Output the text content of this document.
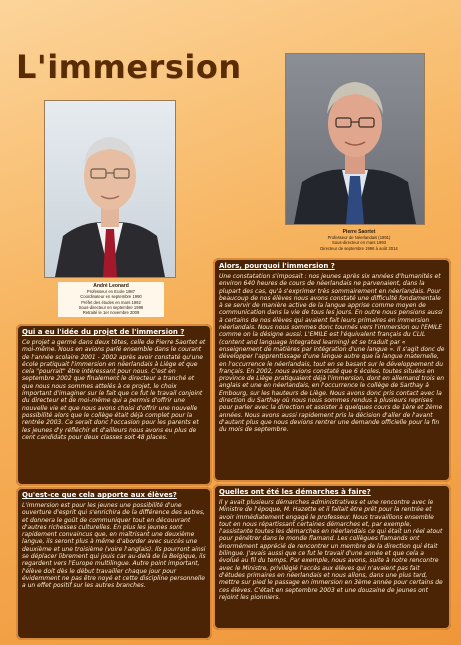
L'immersion
André Leonard
Professeur en Ecole 1987
Coordinateur en septembre 1990
Préfet des études en mars 1992
Sous-directeur en septembre 1996
Retraité le 1er novembre 2009
Pierre Saortet
Professeur de Néerlandais (1991)
Sous-directeur en mars 1993
Directeur de septembre 1996 à août 2014
Qui a eu l'idée du projet de l'immersion ?

Ce projet a germé dans deux têtes, celle de Pierre Saortet et moi-même. Nous en avions parlé ensemble dans le courant de l'année scolaire 2001 - 2002 après avoir constaté qu'une école pratiquait l'immersion en néerlandais à Liège et que cela "pourrait" être intéressant pour nous. C'est en septembre 2002 que finalement le directeur a tranché et que nous nous sommes attelés à ce projet, le choix important d'imaginer sur le fait que ce fut le travail conjoint du directeur et de moi-même qui a permis d'offrir une nouvelle vie et que nous avons choisi d'offrir une nouvelle possibilité alors que le collège était déjà complet pour la rentrée 2003. Ce serait donc l'occasion pour les parents et les jeunes d'y réfléchir et d'ailleurs nous avons eu plus de cent candidats pour deux classes soit 48 places.

Qu'est-ce que cela apporte aux élèves?

L'immersion est pour les jeunes une possibilité d'une ouverture d'esprit qui s'enrichira de la différence des autres, et donnera le goût de communiquer tout en découvrant d'autres richesses culturelles. En plus les jeunes sont rapidement convaincus que, en maîtrisant une deuxième langue, ils seront plus à même d'aborder avec succès une deuxième et une troisième (voire l'anglais). Ils pourront ainsi se déplacer librement qui jouis car au-delà de la Belgique, ils regardent vers l'Europe multilingue. Autre point important, l'élève doit dès le début travailler chaque jour pour évidemment ne pas être noyé et cette discipline personnelle a un effet positif sur les autres branches.

Alors, pourquoi l'immersion ?

Une constatation s'imposait : nos jeunes après six années d'humanités et environ 640 heures de cours de néerlandais ne parvenaient, dans la plupart des cas, qu'à s'exprimer très sommairement en néerlandais. Pour beaucoup de nos élèves nous avons constaté une difficulté fondamentale à se servir de manière active de la langue apprise comme moyen de communication dans la vie de tous les jours. En outre nous pensions aussi à certains de nos élèves qui avaient fait leurs primaires en immersion néerlandais. Nous nous sommes donc tournés vers l'immersion ou l'EMILE comme on la désigne aussi. L'EMILE est l'équivalent français du CLIL (content and language integrated learning) et se traduit par « enseignement de matières par intégration d'une langue ». Il s'agit donc de développer l'apprentissage d'une langue autre que la langue maternelle, en l'occurrence le néerlandais, tout en se basant sur le développement du français. En 2002, nous avions constaté que 6 écoles, toutes situées en province de Liège pratiquaient déjà l'immersion, dont en allemand trois en anglais et une en néerlandais, en l'occurrence le collège de Sarthay à Embourg, sur les hauteurs de Liège. Nous avons donc pris contact avec la direction du Sarthay où nous nous sommes rendus à plusieurs reprises pour parler avec la direction et assister à quelques cours de 1ère et 2ème années. Nous avons aussi rapidement pris la décision d'aller de l'avant d'autant plus que nous devions rentrer une demande officielle pour la fin du mois de septembre.

Quelles ont été les démarches à faire?

Il y avait plusieurs démarches administratives et une rencontre avec le Ministre de l'époque, M. Hazette et il fallait être prêt pour la rentrée et avoir immédiatement engagé le professeur. Nous travaillions ensemble tout en nous répartissant certaines démarches et, par exemple, l'assistante toutes les démarches en néerlandais ce qui était un réel atout pour pénétrer dans le monde flamand. Les collègues flamands ont énormément apprécié de rencontrer un membre de la direction qui était bilingue. J'avais aussi que ce fut le travail d'une année et que cela a évolué au fil du temps. Par exemple, nous avons, suite à notre rencontre avec le Ministre, privilégié l'accès aux élèves qui n'avaient pas fait d'études primaires en néerlandais et nous allons, dans une plus tard, mettre sur pied le passage en immersion en 3ème année pour certains de ces élèves. C'était en septembre 2003 et une douzaine de jeunes ont rejoint les pionniers.
